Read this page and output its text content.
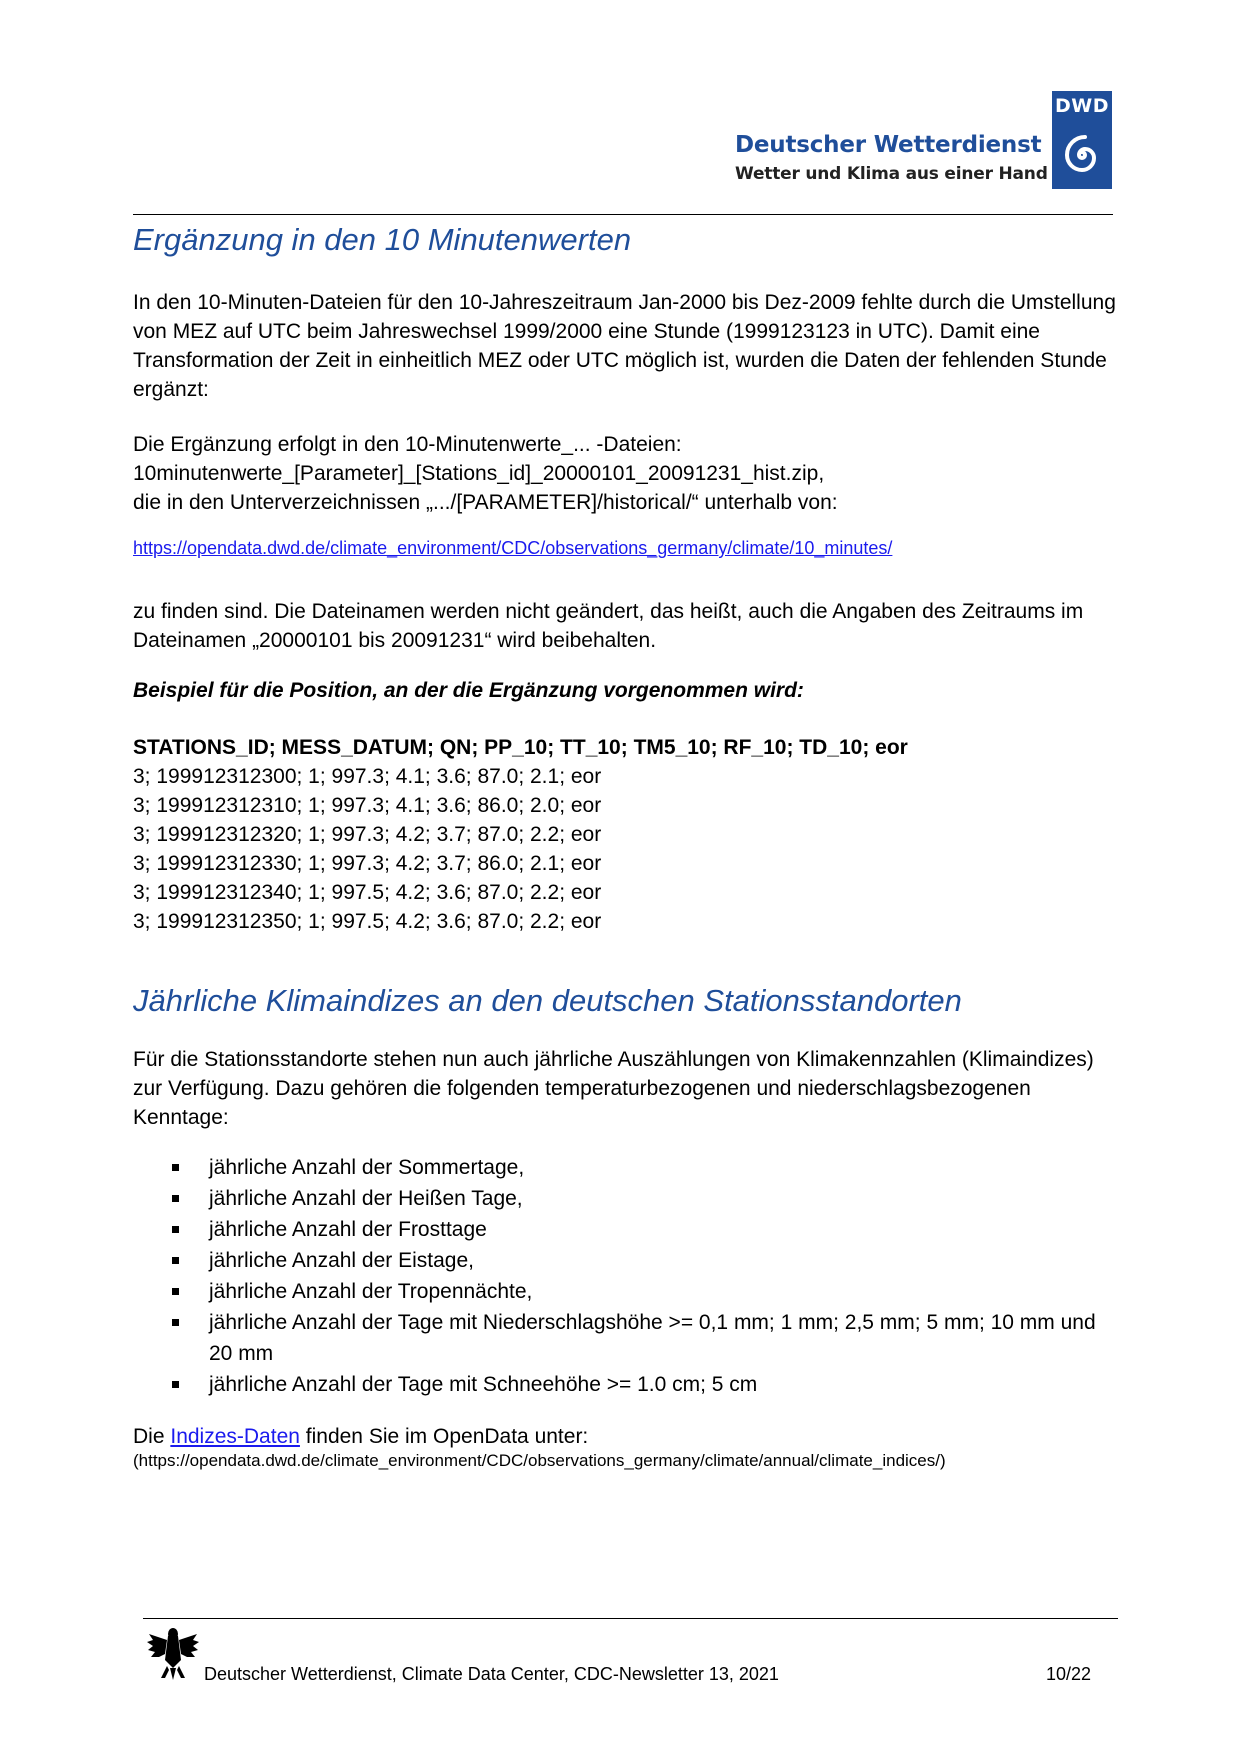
Deutscher Wetterdienst
Wetter und Klima aus einer Hand
DWD
Ergänzung in den 10 Minutenwerten
In den 10-Minuten-Dateien für den 10-Jahreszeitraum Jan-2000 bis Dez-2009 fehlte durch die Umstellung von MEZ auf UTC beim Jahreswechsel 1999/2000 eine Stunde (1999123123 in UTC). Damit eine Transformation der Zeit in einheitlich MEZ oder UTC möglich ist, wurden die Daten der fehlenden Stunde ergänzt:
Die Ergänzung erfolgt in den 10-Minutenwerte_... -Dateien:
10minutenwerte_[Parameter]_[Stations_id]_20000101_20091231_hist.zip,
die in den Unterverzeichnissen „.../[PARAMETER]/historical/“ unterhalb von:
https://opendata.dwd.de/climate_environment/CDC/observations_germany/climate/10_minutes/
zu finden sind. Die Dateinamen werden nicht geändert, das heißt, auch die Angaben des Zeitraums im Dateinamen „20000101 bis 20091231“ wird beibehalten.
Beispiel für die Position, an der die Ergänzung vorgenommen wird:
STATIONS_ID; MESS_DATUM; QN; PP_10; TT_10; TM5_10; RF_10; TD_10; eor
3; 199912312300; 1; 997.3; 4.1; 3.6; 87.0; 2.1; eor
3; 199912312310; 1; 997.3; 4.1; 3.6; 86.0; 2.0; eor
3; 199912312320; 1; 997.3; 4.2; 3.7; 87.0; 2.2; eor
3; 199912312330; 1; 997.3; 4.2; 3.7; 86.0; 2.1; eor
3; 199912312340; 1; 997.5; 4.2; 3.6; 87.0; 2.2; eor
3; 199912312350; 1; 997.5; 4.2; 3.6; 87.0; 2.2; eor
Jährliche Klimaindizes an den deutschen Stationsstandorten
Für die Stationsstandorte stehen nun auch jährliche Auszählungen von Klimakennzahlen (Klimaindizes) zur Verfügung. Dazu gehören die folgenden temperaturbezogenen und niederschlagsbezogenen Kenntage:
jährliche Anzahl der Sommertage,
jährliche Anzahl der Heißen Tage,
jährliche Anzahl der Frosttage
jährliche Anzahl der Eistage,
jährliche Anzahl der Tropennächte,
jährliche Anzahl der Tage mit Niederschlagshöhe >= 0,1 mm; 1 mm; 2,5 mm; 5 mm; 10 mm und 20 mm
jährliche Anzahl der Tage mit Schneehöhe >= 1.0 cm; 5 cm
Die Indizes-Daten finden Sie im OpenData unter:
(https://opendata.dwd.de/climate_environment/CDC/observations_germany/climate/annual/climate_indices/)
Deutscher Wetterdienst, Climate Data Center, CDC-Newsletter 13, 2021	10/22
